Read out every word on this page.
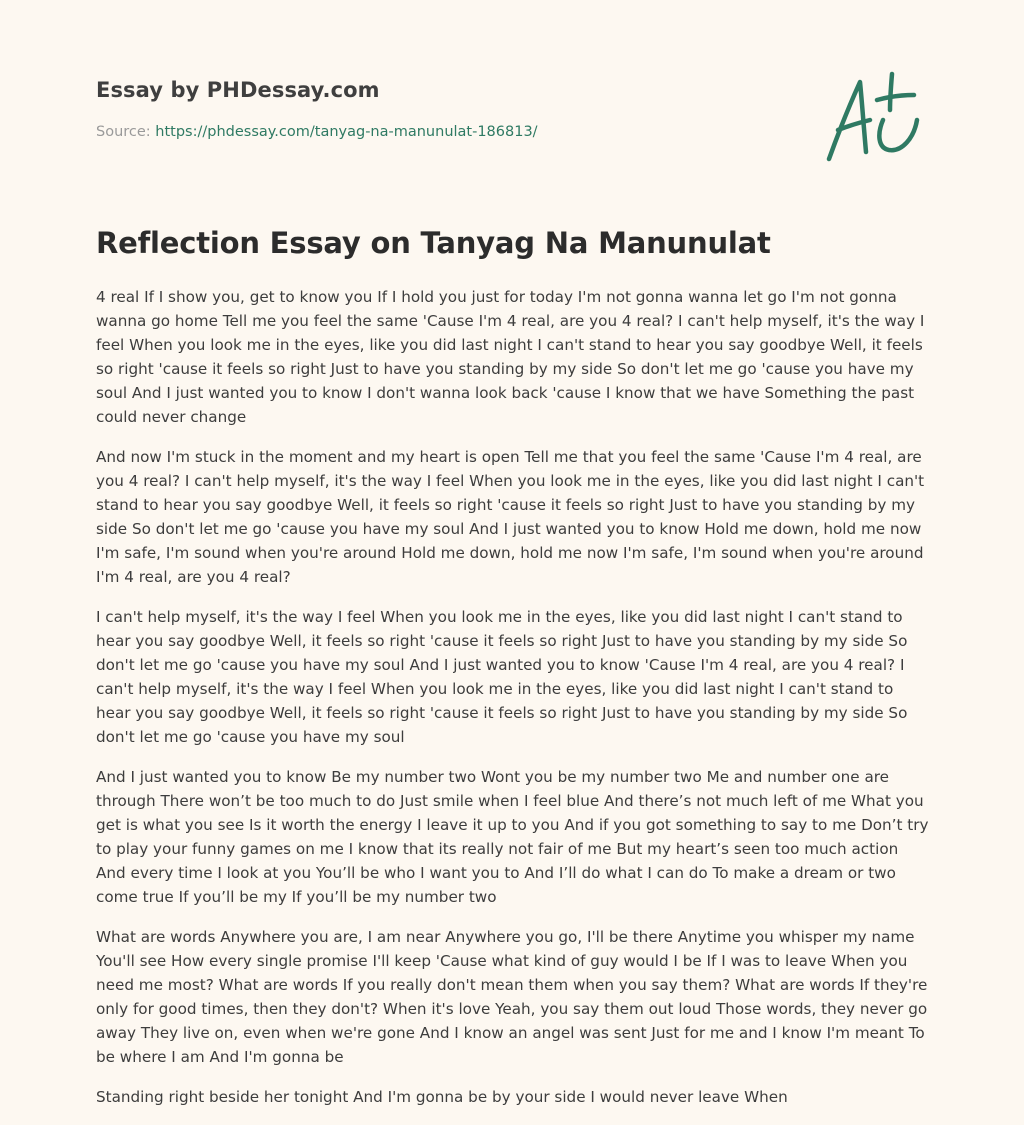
Essay by PHDessay.com
Source: https://phdessay.com/tanyag-na-manunulat-186813/
Reflection Essay on Tanyag Na Manunulat

4 real If I show you, get to know you If I hold you just for today I'm not gonna wanna let go I'm not gonna wanna go home Tell me you feel the same 'Cause I'm 4 real, are you 4 real? I can't help myself, it's the way I feel When you look me in the eyes, like you did last night I can't stand to hear you say goodbye Well, it feels so right 'cause it feels so right Just to have you standing by my side So don't let me go 'cause you have my soul And I just wanted you to know I don't wanna look back 'cause I know that we have Something the past could never change

And now I'm stuck in the moment and my heart is open Tell me that you feel the same 'Cause I'm 4 real, are you 4 real? I can't help myself, it's the way I feel When you look me in the eyes, like you did last night I can't stand to hear you say goodbye Well, it feels so right 'cause it feels so right Just to have you standing by my side So don't let me go 'cause you have my soul And I just wanted you to know Hold me down, hold me now I'm safe, I'm sound when you're around Hold me down, hold me now I'm safe, I'm sound when you're around I'm 4 real, are you 4 real?

I can't help myself, it's the way I feel When you look me in the eyes, like you did last night I can't stand to hear you say goodbye Well, it feels so right 'cause it feels so right Just to have you standing by my side So don't let me go 'cause you have my soul And I just wanted you to know 'Cause I'm 4 real, are you 4 real? I can't help myself, it's the way I feel When you look me in the eyes, like you did last night I can't stand to hear you say goodbye Well, it feels so right 'cause it feels so right Just to have you standing by my side So don't let me go 'cause you have my soul

And I just wanted you to know Be my number two Wont you be my number two Me and number one are through There won’t be too much to do Just smile when I feel blue And there’s not much left of me What you get is what you see Is it worth the energy I leave it up to you And if you got something to say to me Don’t try to play your funny games on me I know that its really not fair of me But my heart’s seen too much action And every time I look at you You’ll be who I want you to And I’ll do what I can do To make a dream or two come true If you’ll be my If you’ll be my number two

What are words Anywhere you are, I am near Anywhere you go, I'll be there Anytime you whisper my name You'll see How every single promise I'll keep 'Cause what kind of guy would I be If I was to leave When you need me most? What are words If you really don't mean them when you say them? What are words If they're only for good times, then they don't? When it's love Yeah, you say them out loud Those words, they never go away They live on, even when we're gone And I know an angel was sent Just for me and I know I'm meant To be where I am And I'm gonna be

Standing right beside her tonight And I'm gonna be by your side I would never leave When
